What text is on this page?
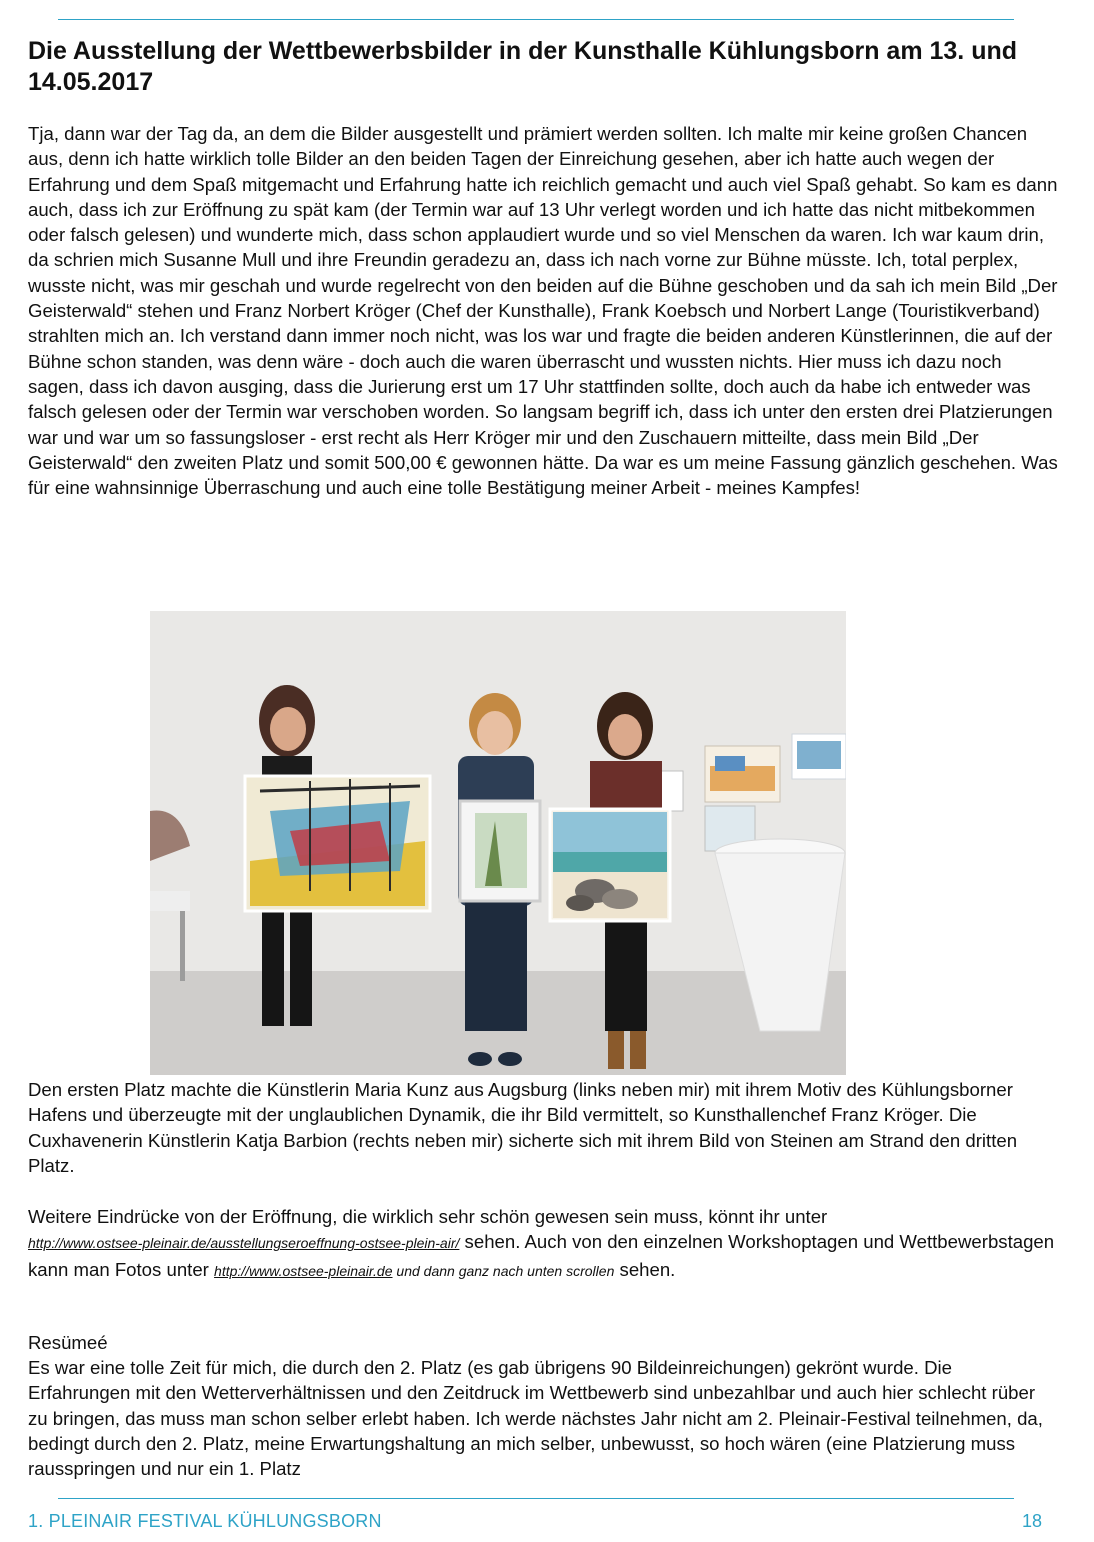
Die Ausstellung der Wettbewerbsbilder in der Kunsthalle Kühlungsborn am 13. und 14.05.2017

Tja, dann war der Tag da, an dem die Bilder ausgestellt und prämiert werden sollten. Ich malte mir keine großen Chancen aus, denn ich hatte wirklich tolle Bilder an den beiden Tagen der Einreichung gesehen, aber ich hatte auch wegen der Erfahrung und dem Spaß mitgemacht und Erfahrung hatte ich reichlich gemacht und auch viel Spaß gehabt. So kam es dann auch, dass ich zur Eröffnung zu spät kam (der Termin war auf 13 Uhr verlegt worden und ich hatte das nicht mitbekommen oder falsch gelesen) und wunderte mich, dass schon applaudiert wurde und so viel Menschen da waren. Ich war kaum drin, da schrien mich Susanne Mull und ihre Freundin geradezu an, dass ich nach vorne zur Bühne müsste. Ich, total perplex, wusste nicht, was mir geschah und wurde regelrecht von den beiden auf die Bühne geschoben und da sah ich mein Bild „Der Geisterwald“ stehen und Franz Norbert Kröger (Chef der Kunsthalle), Frank Koebsch und Norbert Lange (Touristikverband) strahlten mich an. Ich verstand dann immer noch nicht, was los war und fragte die beiden anderen Künstlerinnen, die auf der Bühne schon standen, was denn wäre - doch auch die waren überrascht und wussten nichts. Hier muss ich dazu noch sagen, dass ich davon ausging, dass die Jurierung erst um 17 Uhr stattfinden sollte, doch auch da habe ich entweder was falsch gelesen oder der Termin war verschoben worden. So langsam begriff ich, dass ich unter den ersten drei Platzierungen war und war um so fassungsloser - erst recht als Herr Kröger mir und den Zuschauern mitteilte, dass mein Bild „Der Geisterwald“ den zweiten Platz und somit 500,00 € gewonnen hätte. Da war es um meine Fassung gänzlich geschehen. Was für eine wahnsinnige Überraschung und auch eine tolle Bestätigung meiner Arbeit - meines Kampfes!

Den ersten Platz machte die Künstlerin Maria Kunz aus Augsburg (links neben mir) mit ihrem Motiv des Kühlungsborner Hafens und überzeugte mit der unglaublichen Dynamik, die ihr Bild vermittelt, so Kunsthallenchef Franz Kröger. Die Cuxhavenerin Künstlerin Katja Barbion (rechts neben mir) sicherte sich mit ihrem Bild von Steinen am Strand den dritten Platz.

Weitere Eindrücke von der Eröffnung, die wirklich sehr schön gewesen sein muss, könnt ihr unter
http://www.ostsee-pleinair.de/ausstellungseroeffnung-ostsee-plein-air/ sehen. Auch von den einzelnen Workshoptagen und Wettbewerbstagen kann man Fotos unter http://www.ostsee-pleinair.de und dann ganz nach unten scrollen sehen.

Resümeé

Es war eine tolle Zeit für mich, die durch den 2. Platz (es gab übrigens 90 Bildeinreichungen) gekrönt wurde. Die Erfahrungen mit den Wetterverhältnissen und den Zeitdruck im Wettbewerb sind unbezahlbar und auch hier schlecht rüber zu bringen, das muss man schon selber erlebt haben. Ich werde nächstes Jahr nicht am 2. Pleinair-Festival teilnehmen, da, bedingt durch den 2. Platz, meine Erwartungshaltung an mich selber, unbewusst, so hoch wären (eine Platzierung muss rausspringen und nur ein 1. Platz

1. PLEINAIR FESTIVAL KÜHLUNGSBORN	18
